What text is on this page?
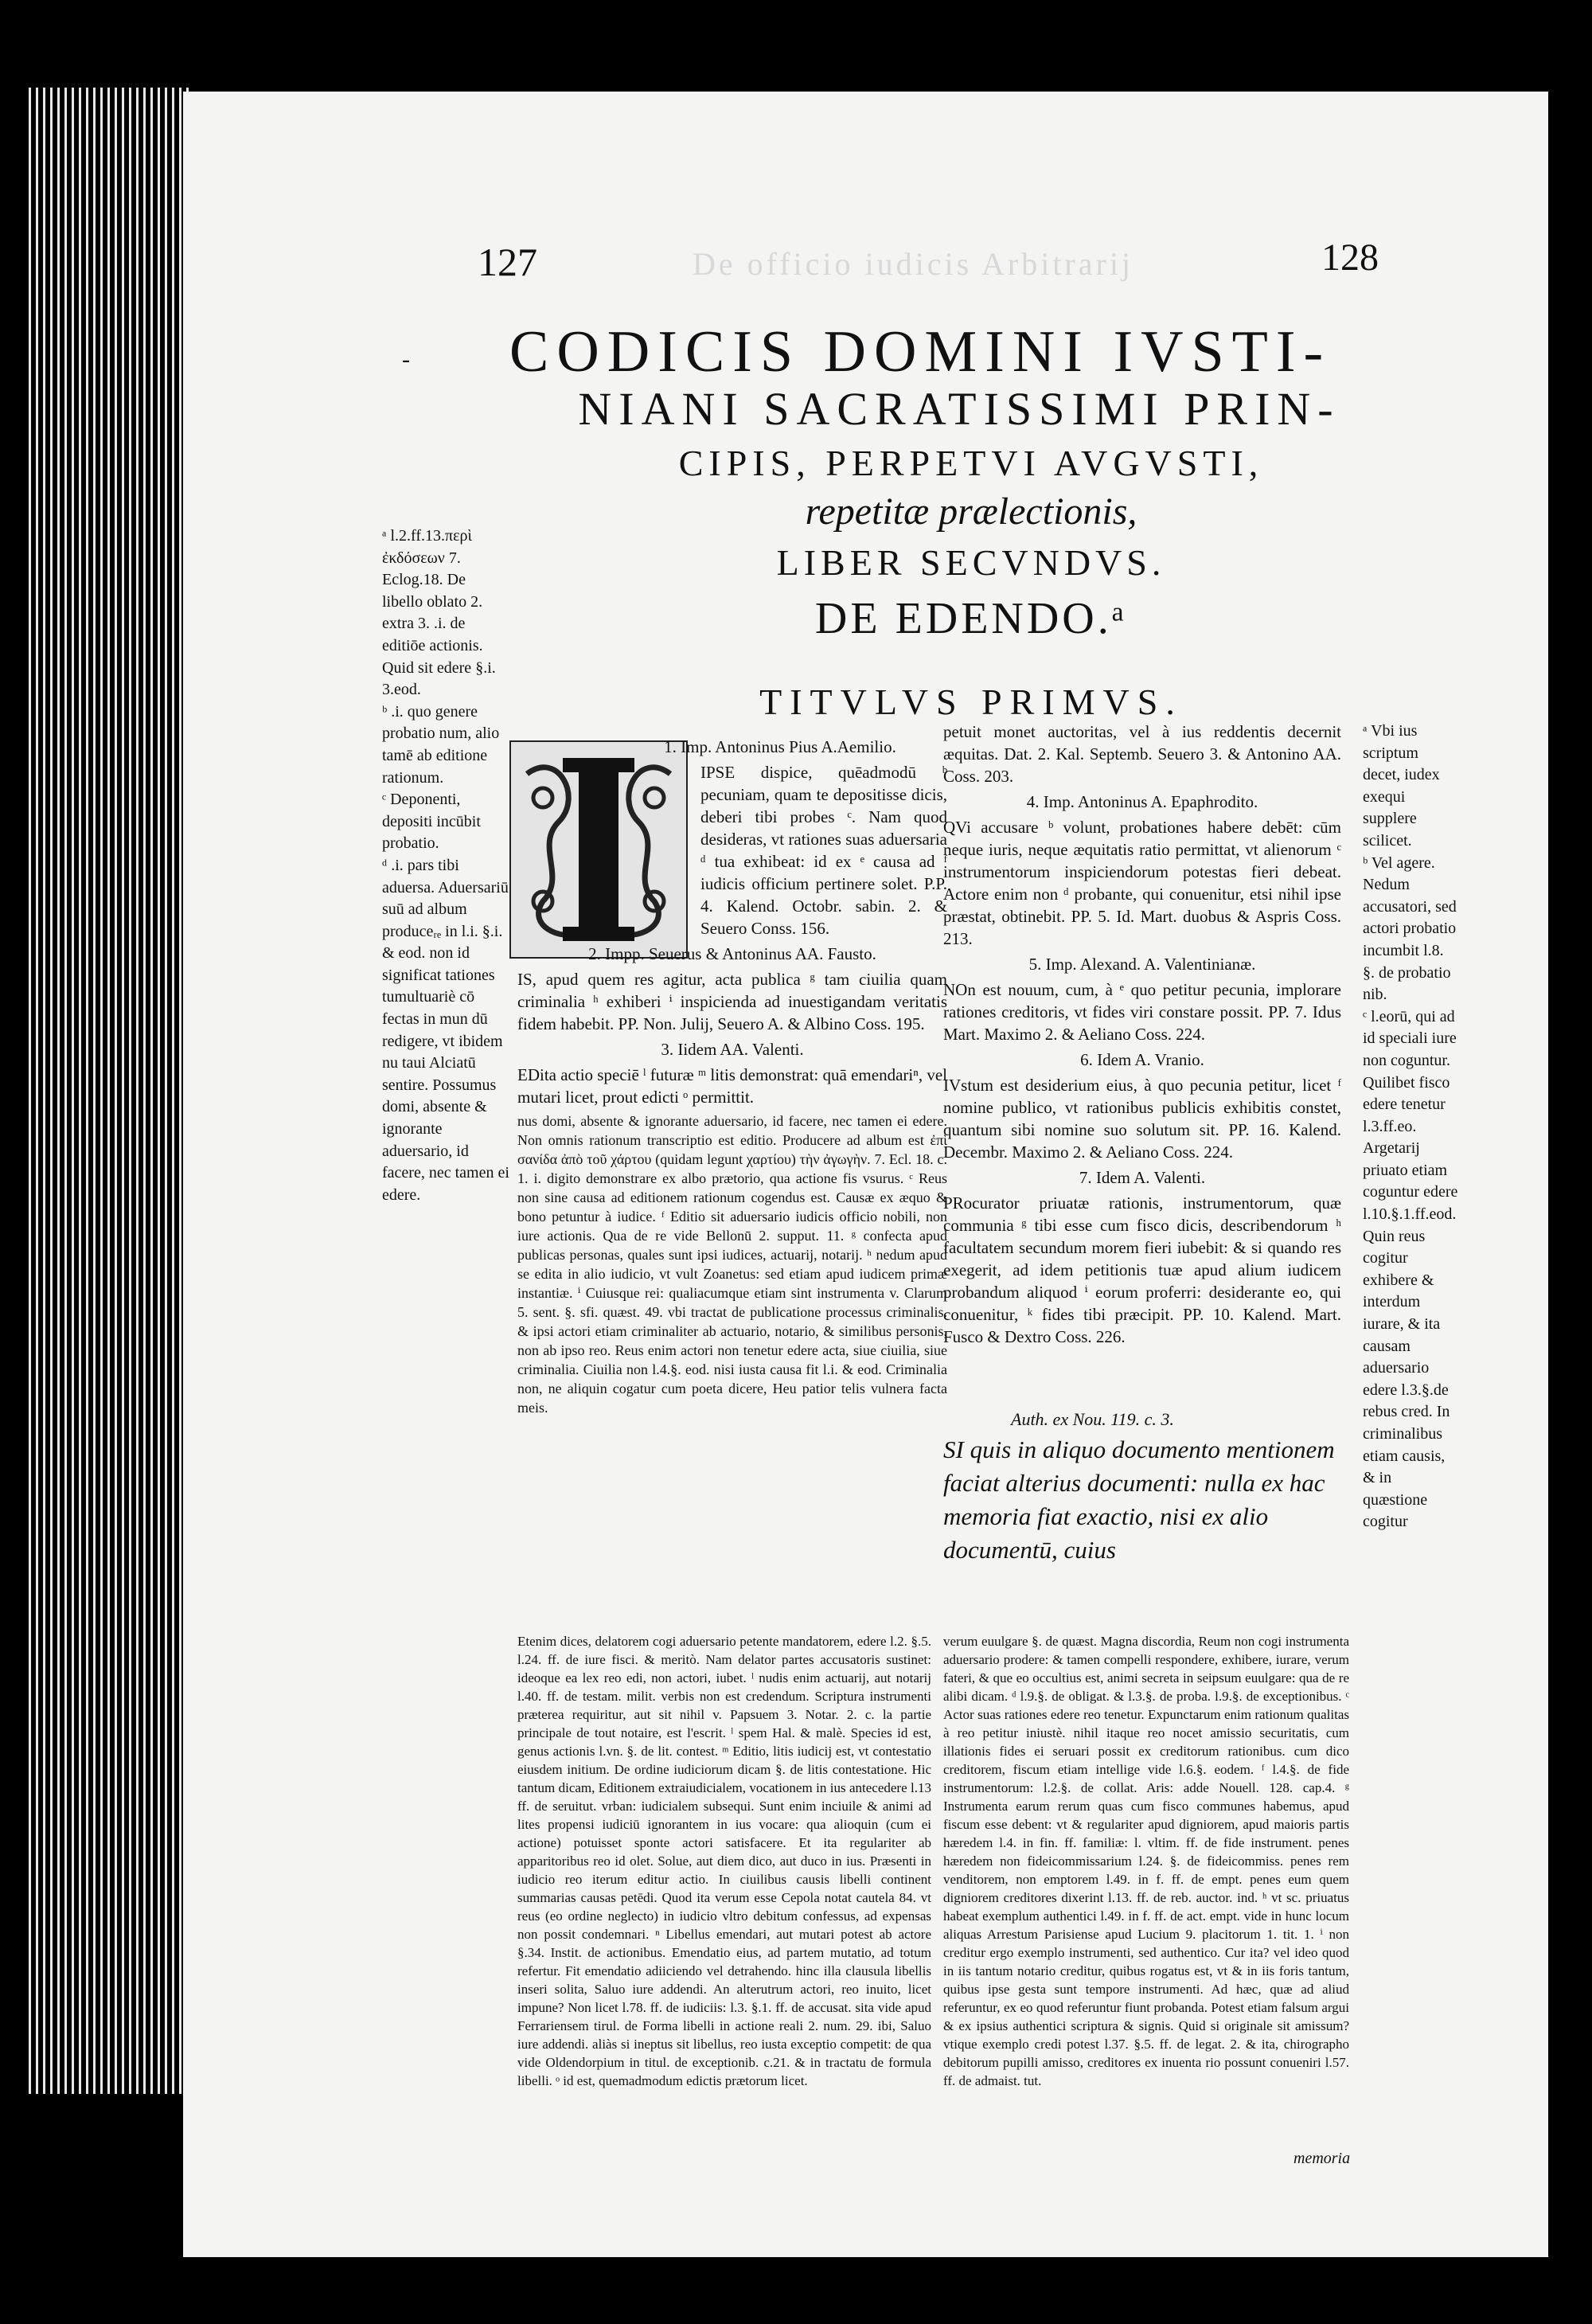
De officio iudicis Arbitrarij
127	128
- CODICIS DOMINI IVSTI-
NIANI SACRATISSIMI PRIN-
CIPIS, PERPETVI AVGVSTI,
repetitæ prælectionis,
LIBER SECVNDVS.
DE EDENDO.ᵃ
TITVLVS PRIMVS.
ᵃ l.2.ff.13.περὶ ἐκδόσεων 7. Eclog.18. De libello oblato 2. extra 3. .i. de editiōe actionis. Quid sit edere §.i. 3.eod.
ᵇ .i. quo genere probatio num, alio tamē ab editione rationum.
ᶜ Deponenti, depositi incūbit probatio.
ᵈ .i. pars tibi aduersa. Aduersariū suū ad album produceᵣₑ in l.i. §.i. & eod. non id significat tationes tumultuariè cō fectas in mun dū redigere, vt ibidem nu taui Alciatū sentire. Possumus domi, absente & ignorante aduersario, id facere, nec tamen ei edere.
ᵃ Vbi ius scriptum decet, iudex exequi supplere scilicet.
ᵇ Vel agere. Nedum accusatori, sed actori probatio incumbit l.8. §. de probatio nib.
ᶜ l.eorū, qui ad id speciali iure non coguntur. Quilibet fisco edere tenetur l.3.ff.eo. Argetarij priuato etiam coguntur edere l.10.§.1.ff.eod. Quin reus cogitur exhibere & interdum iurare, & ita causam aduersario edere l.3.§.de rebus cred. In criminalibus etiam causis, & in quæstione cogitur
1. Imp. Antoninus Pius A.Aemilio.
IPSE dispice, quēadmodū ᵇ pecuniam, quam te depositisse dicis, deberi tibi probes ᶜ. Nam quod desideras, vt rationes suas aduersaria ᵈ tua exhibeat: id ex ᵉ causa ad ᶠ iudicis officium pertinere solet. P.P. 4. Kalend. Octobr. sabin. 2. & Seuero Conss. 156.
2. Impp. Seuerus & Antoninus AA. Fausto.
IS, apud quem res agitur, acta publica ᵍ tam ciuilia quam criminalia ʰ exhiberi ⁱ inspicienda ad inuestigandam veritatis fidem habebit. PP. Non. Julij, Seuero A. & Albino Coss. 195.
3. Iidem AA. Valenti.
EDita actio speciē ˡ futuræ ᵐ litis demonstrat: quā emendariⁿ, vel mutari licet, prout edicti ᵒ permittit.
nus domi, absente & ignorante aduersario, id facere, nec tamen ei edere. Non omnis rationum transcriptio est editio. Producere ad album est ἐπὶ σανίδα ἀπὸ τοῦ χάρτου (quidam legunt χαρτίου) τὴν ἀγωγὴν. 7. Ecl. 18. c. 1. i. digito demonstrare ex albo prætorio, qua actione fis vsurus. ᶜ Reus non sine causa ad editionem rationum cogendus est. Causæ ex æquo & bono petuntur à iudice. ᶠ Editio sit aduersario iudicis officio nobili, non iure actionis. Qua de re vide Bellonū 2. supput. 11. ᵍ confecta apud publicas personas, quales sunt ipsi iudices, actuarij, notarij. ʰ nedum apud se edita in alio iudicio, vt vult Zoanetus: sed etiam apud iudicem primæ instantiæ. ⁱ Cuiusque rei: qualiacumque etiam sint instrumenta v. Clarum 5. sent. §. sfi. quæst. 49. vbi tractat de publicatione processus criminalis. & ipsi actori etiam criminaliter ab actuario, notario, & similibus personis, non ab ipso reo. Reus enim actori non tenetur edere acta, siue ciuilia, siue criminalia. Ciuilia non l.4.§. eod. nisi iusta causa fit l.i. & eod. Criminalia non, ne aliquin cogatur cum poeta dicere, Heu patior telis vulnera facta meis.
petuit monet auctoritas, vel à ius reddentis decernit æquitas. Dat. 2. Kal. Septemb. Seuero 3. & Antonino AA. Coss. 203.
4. Imp. Antoninus A. Epaphrodito.
QVi accusare ᵇ volunt, probationes habere debēt: cūm neque iuris, neque æquitatis ratio permittat, vt alienorum ᶜ instrumentorum inspiciendorum potestas fieri debeat. Actore enim non ᵈ probante, qui conuenitur, etsi nihil ipse præstat, obtinebit. PP. 5. Id. Mart. duobus & Aspris Coss. 213.
5. Imp. Alexand. A. Valentinianæ.
NOn est nouum, cum, à ᵉ quo petitur pecunia, implorare rationes creditoris, vt fides viri constare possit. PP. 7. Idus Mart. Maximo 2. & Aeliano Coss. 224.
6. Idem A. Vranio.
IVstum est desiderium eius, à quo pecunia petitur, licet ᶠ nomine publico, vt rationibus publicis exhibitis constet, quantum sibi nomine suo solutum sit. PP. 16. Kalend. Decembr. Maximo 2. & Aeliano Coss. 224.
7. Idem A. Valenti.
PRocurator priuatæ rationis, instrumentorum, quæ communia ᵍ tibi esse cum fisco dicis, describendorum ʰ facultatem secundum morem fieri iubebit: & si quando res exegerit, ad idem petitionis tuæ apud alium iudicem probandum aliquod ⁱ eorum proferri: desiderante eo, qui conuenitur, ᵏ fides tibi præcipit. PP. 10. Kalend. Mart. Fusco & Dextro Coss. 226.
Etenim dices, delatorem cogi aduersario petente mandatorem, edere l.2. §.5. l.24. ff. de iure fisci. & meritò. Nam delator partes accusatoris sustinet: ideoque ea lex reo edi, non actori, iubet. ˡ nudis enim actuarij, aut notarij l.40. ff. de testam. milit. verbis non est credendum. Scriptura instrumenti præterea requiritur, aut sit nihil v. Papsuem 3. Notar. 2. c. la partie principale de tout notaire, est l'escrit. ˡ spem Hal. & malè. Species id est, genus actionis l.vn. §. de lit. contest. ᵐ Editio, litis iudicij est, vt contestatio eiusdem initium. De ordine iudiciorum dicam §. de litis contestatione. Hic tantum dicam, Editionem extraiudicialem, vocationem in ius antecedere l.13 ff. de seruitut. vrban: iudicialem subsequi. Sunt enim inciuile & animi ad lites propensi iudiciū ignorantem in ius vocare: qua alioquin (cum ei actione) potuisset sponte actori satisfacere. Et ita regulariter ab apparitoribus reo id olet. Solue, aut diem dico, aut duco in ius. Præsenti in iudicio reo iterum editur actio. In ciuilibus causis libelli continent summarias causas petēdi. Quod ita verum esse Cepola notat cautela 84. vt reus (eo ordine neglecto) in iudicio vltro debitum confessus, ad expensas non possit condemnari. ⁿ Libellus emendari, aut mutari potest ab actore §.34. Instit. de actionibus. Emendatio eius, ad partem mutatio, ad totum refertur. Fit emendatio adiiciendo vel detrahendo. hinc illa clausula libellis inseri solita, Saluo iure addendi. An alterutrum actori, reo inuito, licet impune? Non licet l.78. ff. de iudiciis: l.3. §.1. ff. de accusat. sita vide apud Ferrariensem tirul. de Forma libelli in actione reali 2. num. 29. ibi, Saluo iure addendi. aliàs si ineptus sit libellus, reo iusta exceptio competit: de qua vide Oldendorpium in titul. de exceptionib. c.21. & in tractatu de formula libelli. ᵒ id est, quemadmodum edictis prætorum licet.
verum euulgare §. de quæst. Magna discordia, Reum non cogi instrumenta aduersario prodere: & tamen compelli respondere, exhibere, iurare, verum fateri, & que eo occultius est, animi secreta in seipsum euulgare: qua de re alibi dicam. ᵈ l.9.§. de obligat. & l.3.§. de proba. l.9.§. de exceptionibus. ᶜ Actor suas rationes edere reo tenetur. Expunctarum enim rationum qualitas à reo petitur iniustè. nihil itaque reo nocet amissio securitatis, cum illationis fides ei seruari possit ex creditorum rationibus. cum dico creditorem, fiscum etiam intellige vide l.6.§. eodem. ᶠ l.4.§. de fide instrumentorum: l.2.§. de collat. Aris: adde Nouell. 128. cap.4. ᵍ Instrumenta earum rerum quas cum fisco communes habemus, apud fiscum esse debent: vt & regulariter apud digniorem, apud maioris partis hæredem l.4. in fin. ff. familiæ: l. vltim. ff. de fide instrument. penes hæredem non fideicommissarium l.24. §. de fideicommiss. penes rem venditorem, non emptorem l.49. in f. ff. de empt. penes eum quem digniorem creditores dixerint l.13. ff. de reb. auctor. ind. ʰ vt sc. priuatus habeat exemplum authentici l.49. in f. ff. de act. empt. vide in hunc locum aliquas Arrestum Parisiense apud Lucium 9. placitorum 1. tit. 1. ⁱ non creditur ergo exemplo instrumenti, sed authentico. Cur ita? vel ideo quod in iis tantum notario creditur, quibus rogatus est, vt & in iis foris tantum, quibus ipse gesta sunt tempore instrumenti. Ad hæc, quæ ad aliud referuntur, ex eo quod referuntur fiunt probanda. Potest etiam falsum argui & ex ipsius authentici scriptura & signis. Quid si originale sit amissum? vtique exemplo credi potest l.37. §.5. ff. de legat. 2. & ita, chirographo debitorum pupilli amisso, creditores ex inuenta rio possunt conueniri l.57. ff. de admaist. tut.
Auth. ex Nou. 119. c. 3.
SI quis in aliquo documento mentionem faciat alterius documenti: nulla ex hac memoria fiat exactio, nisi ex alio documentū, cuius
memoria
